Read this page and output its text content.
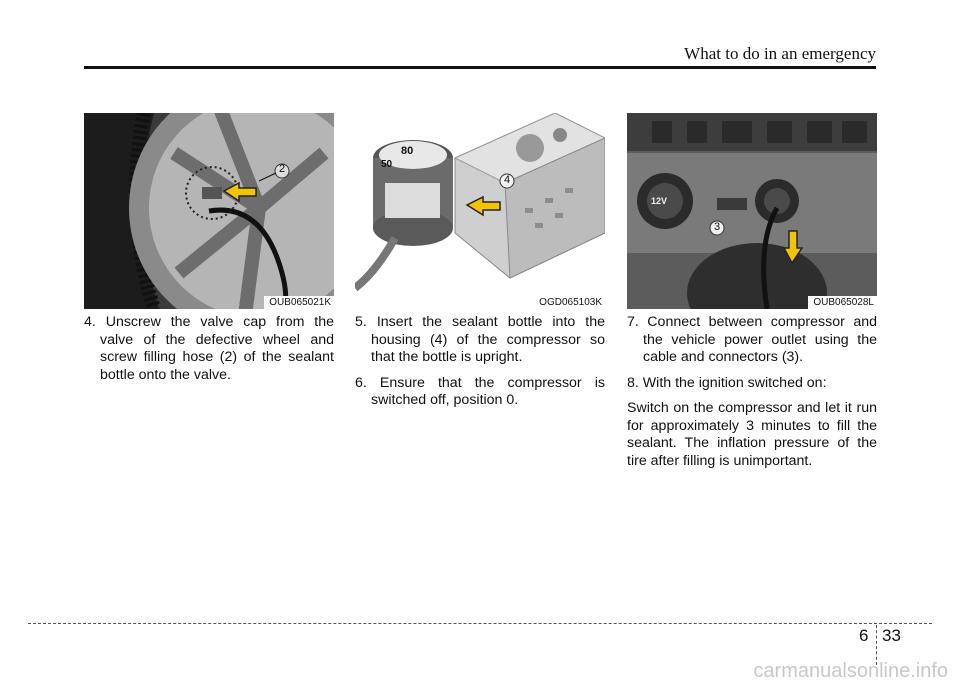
What to do in an emergency
2
OUB065021K
80
50
4
OGD065103K
12V
3
OUB065028L

4. Unscrew the valve cap from the valve of the defective wheel and screw filling hose (2) of the sealant bottle onto the valve.

5. Insert the sealant bottle into the housing (4) of the compressor so that the bottle is upright.

6. Ensure that the compressor is switched off, position 0.

7. Connect between compressor and the vehicle power outlet using the cable and connectors (3).

8. With the ignition switched on:

Switch on the compressor and let it run for approximately 3 minutes to fill the sealant. The inflation pressure of the tire after filling is unimportant.

6 33
carmanualsonline.info
